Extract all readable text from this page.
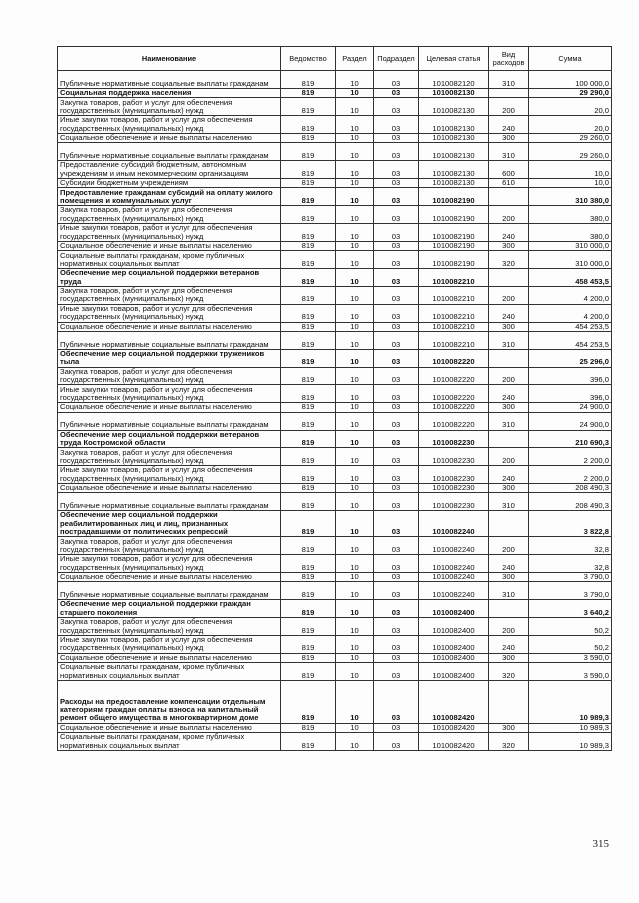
Наименование	Ведомство	Раздел	Подраздел	Целевая статья	Вид расходов	Сумма
Публичные нормативные социальные выплаты гражданам	819	10	03	1010082120	310	100 000,0
Социальная поддержка населения	819	10	03	1010082130		29 290,0
Закупка товаров, работ и услуг для обеспечения государственных (муниципальных) нужд	819	10	03	1010082130	200	20,0
Иные закупки товаров, работ и услуг для обеспечения государственных (муниципальных) нужд	819	10	03	1010082130	240	20,0
Социальное обеспечение и иные выплаты населению	819	10	03	1010082130	300	29 260,0
Публичные нормативные социальные выплаты гражданам	819	10	03	1010082130	310	29 260,0
Предоставление субсидий бюджетным, автономным учреждениям и иным некоммерческим организациям	819	10	03	1010082130	600	10,0
Субсидии бюджетным учреждениям	819	10	03	1010082130	610	10,0
Предоставление гражданам субсидий на оплату жилого помещения и коммунальных услуг	819	10	03	1010082190		310 380,0
Закупка товаров, работ и услуг для обеспечения государственных (муниципальных) нужд	819	10	03	1010082190	200	380,0
Иные закупки товаров, работ и услуг для обеспечения государственных (муниципальных) нужд	819	10	03	1010082190	240	380,0
Социальное обеспечение и иные выплаты населению	819	10	03	1010082190	300	310 000,0
Социальные выплаты гражданам, кроме публичных нормативных социальных выплат	819	10	03	1010082190	320	310 000,0
Обеспечение мер социальной поддержки ветеранов труда	819	10	03	1010082210		458 453,5
Закупка товаров, работ и услуг для обеспечения государственных (муниципальных) нужд	819	10	03	1010082210	200	4 200,0
Иные закупки товаров, работ и услуг для обеспечения государственных (муниципальных) нужд	819	10	03	1010082210	240	4 200,0
Социальное обеспечение и иные выплаты населению	819	10	03	1010082210	300	454 253,5
Публичные нормативные социальные выплаты гражданам	819	10	03	1010082210	310	454 253,5
Обеспечение мер социальной поддержки тружеников тыла	819	10	03	1010082220		25 296,0
Закупка товаров, работ и услуг для обеспечения государственных (муниципальных) нужд	819	10	03	1010082220	200	396,0
Иные закупки товаров, работ и услуг для обеспечения государственных (муниципальных) нужд	819	10	03	1010082220	240	396,0
Социальное обеспечение и иные выплаты населению	819	10	03	1010082220	300	24 900,0
Публичные нормативные социальные выплаты гражданам	819	10	03	1010082220	310	24 900,0
Обеспечение мер социальной поддержки ветеранов труда Костромской области	819	10	03	1010082230		210 690,3
Закупка товаров, работ и услуг для обеспечения государственных (муниципальных) нужд	819	10	03	1010082230	200	2 200,0
Иные закупки товаров, работ и услуг для обеспечения государственных (муниципальных) нужд	819	10	03	1010082230	240	2 200,0
Социальное обеспечение и иные выплаты населению	819	10	03	1010082230	300	208 490,3
Публичные нормативные социальные выплаты гражданам	819	10	03	1010082230	310	208 490,3
Обеспечение мер социальной поддержки реабилитированных лиц и лиц, признанных пострадавшими от политических репрессий	819	10	03	1010082240		3 822,8
Закупка товаров, работ и услуг для обеспечения государственных (муниципальных) нужд	819	10	03	1010082240	200	32,8
Иные закупки товаров, работ и услуг для обеспечения государственных (муниципальных) нужд	819	10	03	1010082240	240	32,8
Социальное обеспечение и иные выплаты населению	819	10	03	1010082240	300	3 790,0
Публичные нормативные социальные выплаты гражданам	819	10	03	1010082240	310	3 790,0
Обеспечение мер социальной поддержки граждан старшего поколения	819	10	03	1010082400		3 640,2
Закупка товаров, работ и услуг для обеспечения государственных (муниципальных) нужд	819	10	03	1010082400	200	50,2
Иные закупки товаров, работ и услуг для обеспечения государственных (муниципальных) нужд	819	10	03	1010082400	240	50,2
Социальное обеспечение и иные выплаты населению	819	10	03	1010082400	300	3 590,0
Социальные выплаты гражданам, кроме публичных нормативных социальных выплат	819	10	03	1010082400	320	3 590,0
Расходы на предоставление компенсации отдельным категориям граждан оплаты взноса на капитальный ремонт общего имущества в многоквартирном доме	819	10	03	1010082420		10 989,3
Социальное обеспечение и иные выплаты населению	819	10	03	1010082420	300	10 989,3
Социальные выплаты гражданам, кроме публичных нормативных социальных выплат	819	10	03	1010082420	320	10 989,3
315
